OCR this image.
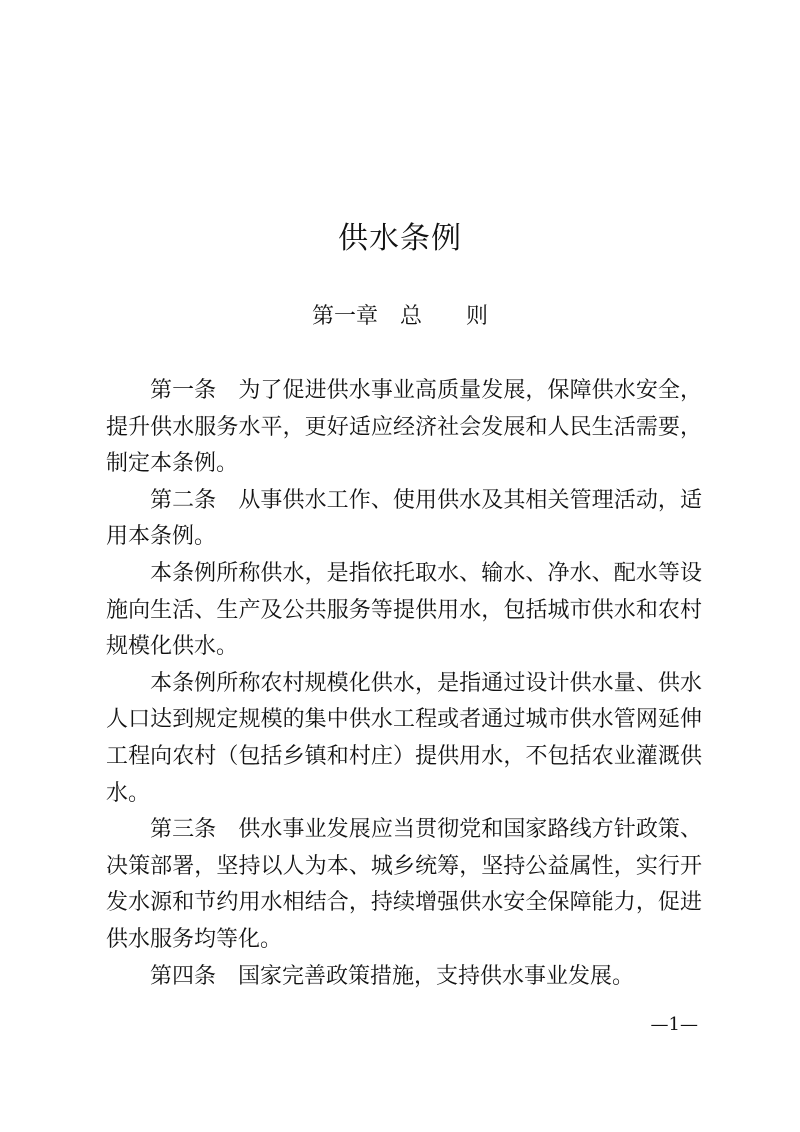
供水条例
第一章　总　　则

第一条　为了促进供水事业高质量发展，保障供水安全，提升供水服务水平，更好适应经济社会发展和人民生活需要，制定本条例。

第二条　从事供水工作、使用供水及其相关管理活动，适用本条例。

本条例所称供水，是指依托取水、输水、净水、配水等设施向生活、生产及公共服务等提供用水，包括城市供水和农村规模化供水。

本条例所称农村规模化供水，是指通过设计供水量、供水人口达到规定规模的集中供水工程或者通过城市供水管网延伸工程向农村（包括乡镇和村庄）提供用水，不包括农业灌溉供水。

第三条　供水事业发展应当贯彻党和国家路线方针政策、决策部署，坚持以人为本、城乡统筹，坚持公益属性，实行开发水源和节约用水相结合，持续增强供水安全保障能力，促进供水服务均等化。

第四条　国家完善政策措施，支持供水事业发展。

—1—
